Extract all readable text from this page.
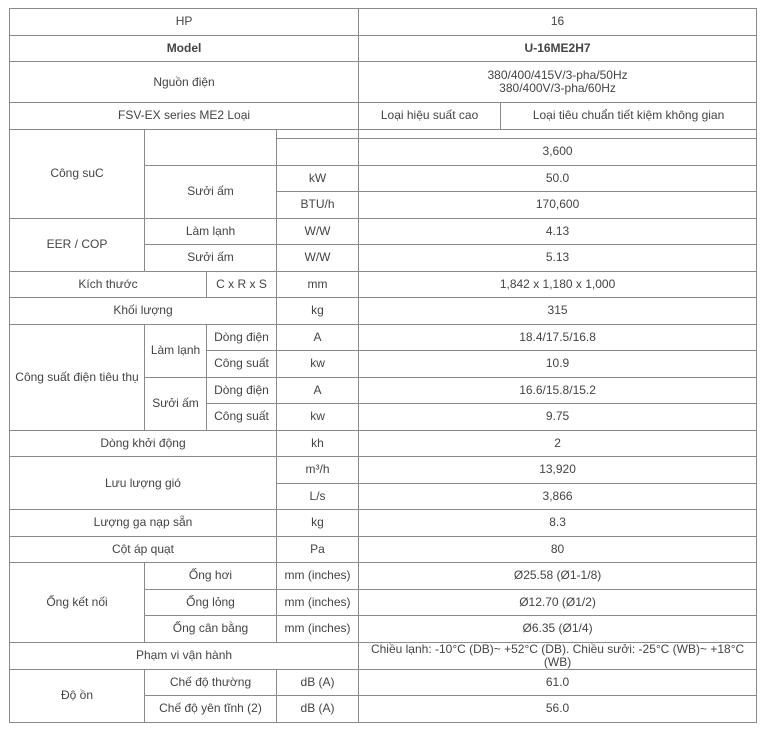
HP				16	
Model				U-16ME2H7	
Nguồn điện				380/400/415V/3-pha/50Hz
380/400V/3-pha/60Hz	

FSV-EX series ME2 Loại				Loại hiệu suất cao	Loại tiêu chuẩn tiết kiệm không gian
Công suC					
				3,600	

	Sưởi ấm		kW	50.0	
			BTU/h	170,600	
EER / COP	Làm lạnh		W/W	4.13	
	Sưởi ấm		W/W	5.13	
Kích thước		C x R x S	mm	1,842 x 1,180 x 1,000	
Khối lượng			kg	315	
Công suất điện tiêu thụ	Làm lạnh	Dòng điện	A	18.4/17.5/16.8	
		Công suất	kw	10.9	
	Sưởi ấm	Dòng điện	A	16.6/15.8/15.2	
		Công suất	kw	9.75	
Dòng khởi động			kh	2	
Lưu lượng gió			m³/h	13,920	
			L/s	3,866	
Lượng ga nạp sẵn			kg	8.3	
Cột áp quạt			Pa	80	
Ống kết nối	Ống hơi		mm (inches)	Ø25.58 (Ø1-1/8)	
	Ống lỏng		mm (inches)	Ø12.70 (Ø1/2)	
	Ống cân bằng		mm (inches)	Ø6.35 (Ø1/4)	
Phạm vi vận hành				Chiều lạnh: -10°C (DB)~ +52°C (DB). Chiều sưởi: -25°C (WB)~ +18°C (WB)	
Độ ồn	Chế độ thường		dB (A)	61.0	
	Chế độ yên tĩnh (2)		dB (A)	56.0	
